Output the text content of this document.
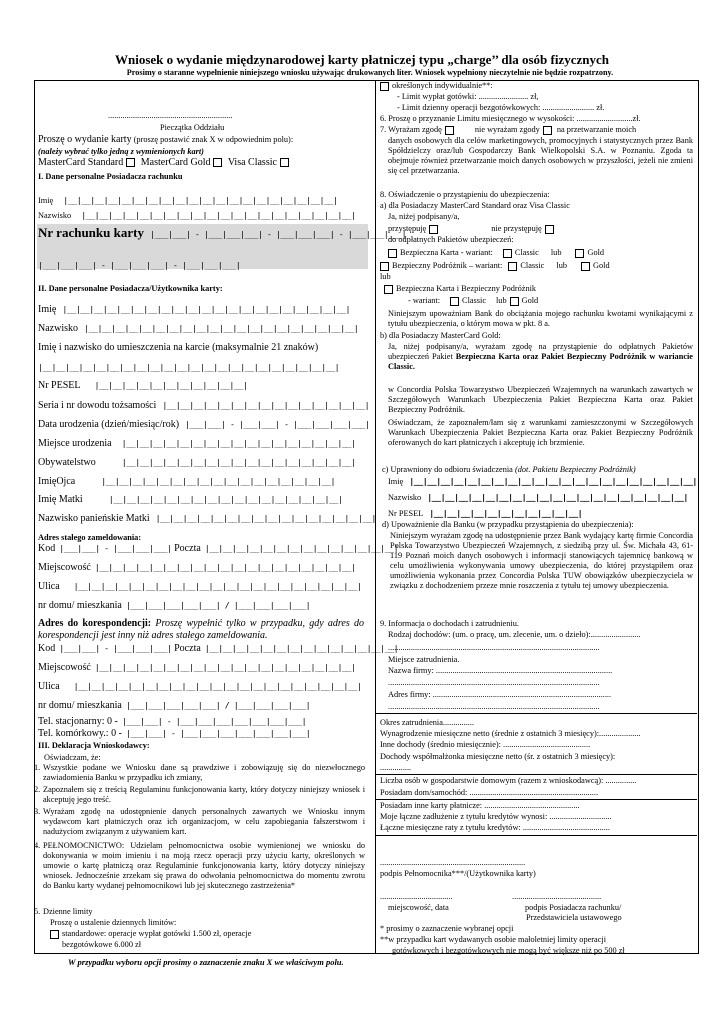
Wniosek o wydanie międzynarodowej karty płatniczej typu „charge’’ dla osób fizycznych
Prosimy o staranne wypełnienie niniejszego wniosku używając drukowanych liter. Wniosek wypełniony nieczytelnie nie będzie rozpatrzony.
............................................................
Pieczątka Oddziału
Proszę o wydanie karty (proszę postawić znak X w odpowiednim polu):
(należy wybrać tylko jedną z wymienionych kart)
MasterCard Standard MasterCard Gold Visa Classic
I. Dane personalne Posiadacza rachunku
Imię |__|__|__|__|__|__|__|__|__|__|__|__|__|__|__|__|__|__|__|__|
Nazwisko |__|__|__|__|__|__|__|__|__|__|__|__|__|__|__|__|__|__|__|__|
Nr rachunku karty |___|___| - |___|___|___| - |___|___|___| - |___|___|___|
|___|___|___| - |___|___|___| - |___|___|___|
II. Dane personalne Posiadacza/Użytkownika karty:
Imię |__|__|__|__|__|__|__|__|__|__|__|__|__|__|__|__|__|__|__|__|__|
Nazwisko |__|__|__|__|__|__|__|__|__|__|__|__|__|__|__|__|__|__|__|__|
Imię i nazwisko do umieszczenia na karcie (maksymalnie 21 znaków)
|__|__|__|__|__|__|__|__|__|__|__|__|__|__|__|__|__|__|__|__|__|__|
Nr PESEL |__|__|__|__|__|__|__|__|__|__|__|
Seria i nr dowodu tożsamości |__|__|__|__|__|__|__|__|__|__|__|__|__|__|__|
Data urodzenia (dzień/miesiąc/rok) |___|___| - |___|___| - |___|___|___|___|
Miejsce urodzenia |__|__|__|__|__|__|__|__|__|__|__|__|__|__|__|__|__|
Obywatelstwo	|__|__|__|__|__|__|__|__|__|__|__|__|__|__|__|__|__|
ImięOjca	|__|__|__|__|__|__|__|__|__|__|__|__|__|__|__|__|__|
Imię Matki	|__|__|__|__|__|__|__|__|__|__|__|__|__|__|__|__|__|
Nazwisko panieńskie Matki |__|__|__|__|__|__|__|__|__|__|__|__|__|__|__|__|
Adres stałego zameldowania:
Kod |___|___| - |___|___|___| Poczta |__|__|__|__|__|__|__|__|__|__|__|__|__|__|
Miejscowość |__|__|__|__|__|__|__|__|__|__|__|__|__|__|__|__|__|__|__|
Ulica |__|__|__|__|__|__|__|__|__|__|__|__|__|__|__|__|__|__|__|__|__|
nr domu/ mieszkania |___|___|___|___|___| / |___|___|___|___|
Adres do korespondencji: Proszę wypełnić tylko w przypadku, gdy adres do korespondencji jest inny niż adres stałego zameldowania.
Kod |___|___| - |___|___|___| Poczta |__|__|__|__|__|__|__|__|__|__|__|__|__|__|
Miejscowość |__|__|__|__|__|__|__|__|__|__|__|__|__|__|__|__|__|__|__|
Ulica |__|__|__|__|__|__|__|__|__|__|__|__|__|__|__|__|__|__|__|__|__|
nr domu/ mieszkania |___|___|___|___|___| / |___|___|___|___|
Tel. stacjonarny: 0 - |___|___| - |___|___|___|___|___|___|___|
Tel. komórkowy.: 0 - |___|___| - |___|___|___|___|___|___|___|
III. Deklaracja Wnioskodawcy:
Oświadczam, że:
1. Wszystkie podane we Wniosku dane są prawdziwe i zobowiązuję się do niezwłocznego zawiadomienia Banku w przypadku ich zmiany,
2. Zapoznałem się z treścią Regulaminu funkcjonowania karty, który dotyczy niniejszy wniosek i akceptuję jego treść.
3. Wyrażam zgodę na udostępnienie danych personalnych zawartych we Wniosku innym wydawcom kart płatniczych oraz ich organizacjom, w celu zapobiegania fałszerstwom i nadużyciom związanym z używaniem kart.
4. PEŁNOMOCNICTWO: Udzielam pełnomocnictwa osobie wymienionej we wniosku do dokonywania w moim imieniu i na moją rzecz operacji przy użyciu karty, określonych w umowie o kartę płatniczą oraz Regulaminie funkcjonowania karty, który dotyczy niniejszy wniosek. Jednocześnie zrzekam się prawa do odwołania pełnomocnictwa do momentu zwrotu do Banku karty wydanej pełnomocnikowi lub jej skutecznego zastrzeżenia*
5. Dzienne limity
Proszę o ustalenie dziennych limitów:
standardowe: operacje wypłat gotówki 1.500 zł, operacje
bezgotówkowe 6.000 zł
określonych indywidualnie**:
- Limit wypłat gotówki: ........................ zł,
- Limit dzienny operacji bezgotówkowych: ......................... zł.
6. Proszę o przyznanie Limitu miesięcznego w wysokości: ...........................zł.
7. Wyrażam zgodę	nie wyrażam zgody na przetwarzanie moich
danych osobowych dla celów marketingowych, promocyjnych i statystycznych przez Bank Spółdzielczy oraz/lub Gospodarczy Bank Wielkopolski S.A. w Poznaniu. Zgoda ta obejmuje również przetwarzanie moich danych osobowych w przyszłości, jeżeli nie zmieni się cel przetwarzania.
8. Oświadczenie o przystąpieniu do ubezpieczenia:
a) dla Posiadaczy MasterCard Standard oraz Visa Classic
Ja, niżej podpisany/a,
przystępuję	nie przystępuję
do odpłatnych Pakietów ubezpieczeń:
Bezpieczna Karta - wariant:	Classic lub	Gold
Bezpieczny Podróżnik – wariant: Classic lub	Gold
lub
Bezpieczna Karta i Bezpieczny Podróżnik
- wariant:	Classic lub Gold
Niniejszym upoważniam Bank do obciążania mojego rachunku kwotami wynikającymi z tytułu ubezpieczenia, o którym mowa w pkt. 8 a.
b) dla Posiadaczy MasterCard Gold:
Ja, niżej podpisany/a, wyrażam zgodę na przystąpienie do odpłatnych Pakietów ubezpieczeń Pakiet Bezpieczna Karta oraz Pakiet Bezpieczny Podróżnik w wariancie Classic.
w Concordia Polska Towarzystwo Ubezpieczeń Wzajemnych na warunkach zawartych w Szczegółowych Warunkach Ubezpieczenia Pakiet Bezpieczna Karta oraz Pakiet Bezpieczny Podróżnik.
Oświadczam, że zapoznałem/łam się z warunkami zamieszczonymi w Szczegółowych Warunkach Ubezpieczenia Pakiet Bezpieczna Karta oraz Pakiet Bezpieczny Podróżnik oferowanych do kart płatniczych i akceptuję ich brzmienie.
c) Uprawniony do odbioru świadczenia (dot. Pakietu Bezpieczny Podróżnik)
Imię |__|__|__|__|__|__|__|__|__|__|__|__|__|__|__|__|__|__|__|__|__|
Nazwisko |__|__|__|__|__|__|__|__|__|__|__|__|__|__|__|__|__|__|__|
Nr PESEL |__|__|__|__|__|__|__|__|__|__|__|
d) Upoważnienie dla Banku (w przypadku przystąpienia do ubezpieczenia):
Niniejszym wyrażam zgodę na udostępnienie przez Bank wydający kartę firmie Concordia Polska Towarzystwo Ubezpieczeń Wzajemnych, z siedzibą przy ul. Św. Michała 43, 61-119 Poznań moich danych osobowych i informacji stanowiących tajemnicę bankową w celu umożliwienia wykonywania umowy ubezpieczenia, do której przystąpiłem oraz umożliwienia wykonania przez Concordia Polska TUW obowiązków ubezpieczyciela w związku z dochodzeniem przeze mnie roszczenia z tytułu tej umowy ubezpieczenia.
9. Informacja o dochodach i zatrudnieniu.
Rodzaj dochodów: (um. o pracę, um. zlecenie, um. o dzieło):........................
......................................................................................................
Miejsce zatrudnienia.
Nazwa firmy: .....................................................................................
......................................................................................................
Adres firmy: ......................................................................................
......................................................................................................
Okres zatrudnienia...............
Wynagrodzenie miesięczne netto (średnie z ostatnich 3 miesięcy):....................
Inne dochody (średnio miesięcznie): ..........................................
Dochody współmałżonka miesięczne netto (śr. z ostatnich 3 miesięcy):
...............
Liczba osób w gospodarstwie domowym (razem z wnioskodawcą): ...............
Posiadam dom/samochód: ..............................................................
Posiadam inne karty płatnicze: ..............................................
Moje łączne zadłużenie z tytułu kredytów wynosi: ..............................
Łączne miesięczne raty z tytułu kredytów: ..........................................
......................................................................
podpis Pełnomocnika***/(Użytkownika karty)
...................................	...........................................
miejscowość, data	podpis Posiadacza rachunku/
Przedstawiciela ustawowego
* prosimy o zaznaczenie wybranej opcji
**w przypadku kart wydawanych osobie małoletniej limity operacji
gotówkowych i bezgotówkowych nie mogą być większe niż po 500 zł
W przypadku wyboru opcji prosimy o zaznaczenie znaku X we właściwym polu.
